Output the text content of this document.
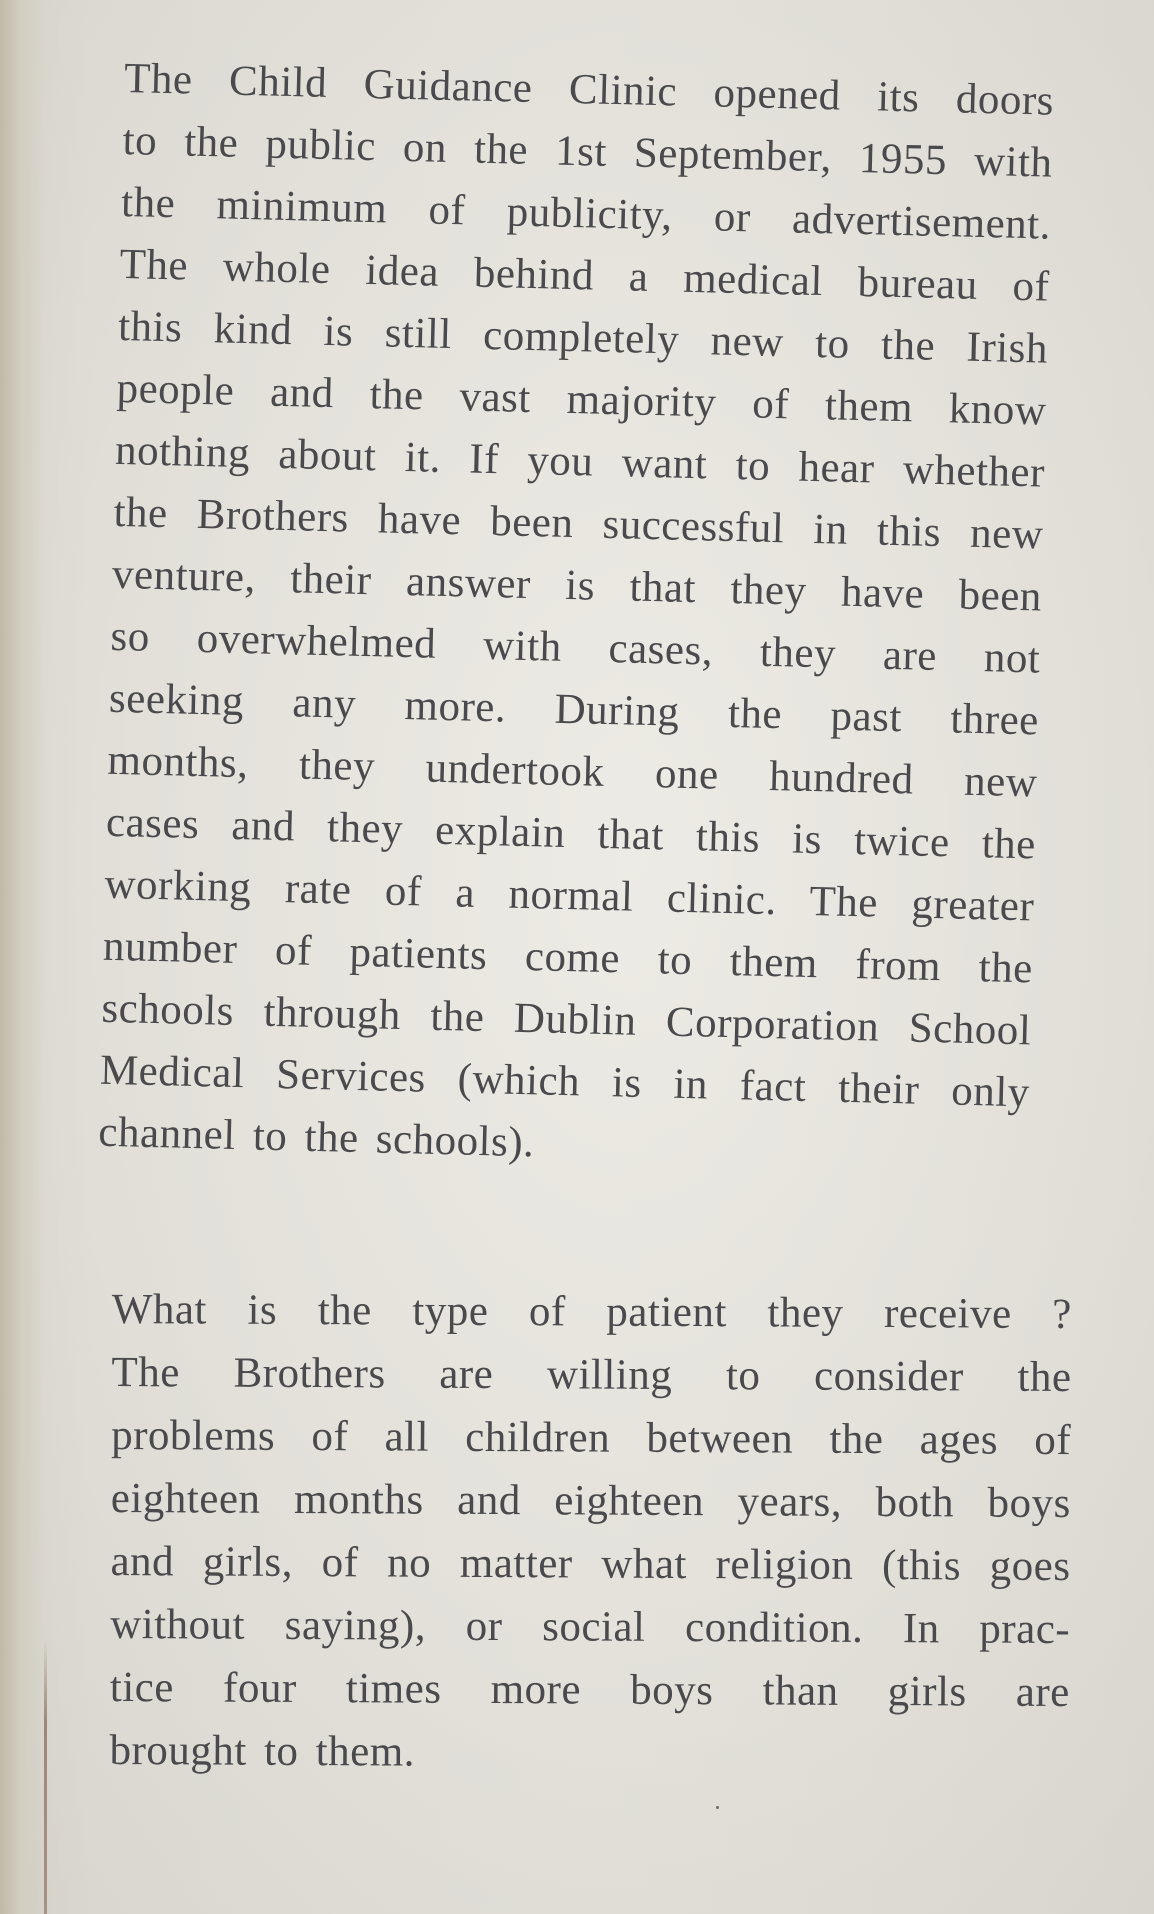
The Child Guidance Clinic opened its doors
to the public on the 1st September, 1955 with
the minimum of publicity, or advertisement.
The whole idea behind a medical bureau of
this kind is still completely new to the Irish
people and the vast majority of them know
nothing about it. If you want to hear whether
the Brothers have been successful in this new
venture, their answer is that they have been
so overwhelmed with cases, they are not
seeking any more. During the past three
months, they undertook one hundred new
cases and they explain that this is twice the
working rate of a normal clinic. The greater
number of patients come to them from the
schools through the Dublin Corporation School
Medical Services (which is in fact their only
channel to the schools).
What is the type of patient they receive ?
The Brothers are willing to consider the
problems of all children between the ages of
eighteen months and eighteen years, both boys
and girls, of no matter what religion (this goes
without saying), or social condition. In prac-
tice four times more boys than girls are
brought to them.
